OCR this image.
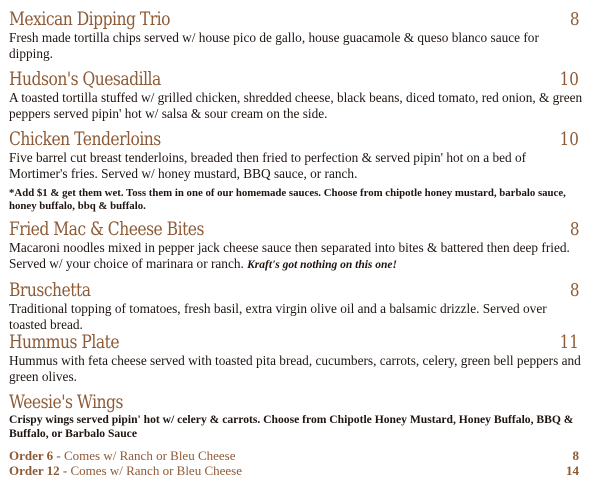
Mexican Dipping Trio	8

Fresh made tortilla chips served w/ house pico de gallo, house guacamole & queso blanco sauce for dipping.

Hudson's Quesadilla	10

A toasted tortilla stuffed w/ grilled chicken, shredded cheese, black beans, diced tomato, red onion, & green peppers served pipin' hot w/ salsa & sour cream on the side.

Chicken Tenderloins	10

Five barrel cut breast tenderloins, breaded then fried to perfection & served pipin' hot on a bed of Mortimer's fries. Served w/ honey mustard, BBQ sauce, or ranch.

*Add $1 & get them wet. Toss them in one of our homemade sauces. Choose from chipotle honey mustard, barbalo sauce, honey buffalo, bbq & buffalo.

Fried Mac & Cheese Bites	8

Macaroni noodles mixed in pepper jack cheese sauce then separated into bites & battered then deep fried. Served w/ your choice of marinara or ranch. Kraft's got nothing on this one!

Bruschetta	8

Traditional topping of tomatoes, fresh basil, extra virgin olive oil and a balsamic drizzle. Served over toasted bread.

Hummus Plate	11

Hummus with feta cheese served with toasted pita bread, cucumbers, carrots, celery, green bell peppers and green olives.

Weesie's Wings

Crispy wings served pipin' hot w/ celery & carrots. Choose from Chipotle Honey Mustard, Honey Buffalo, BBQ & Buffalo, or Barbalo Sauce

Order 6 - Comes w/ Ranch or Bleu Cheese	8
Order 12 - Comes w/ Ranch or Bleu Cheese	14
